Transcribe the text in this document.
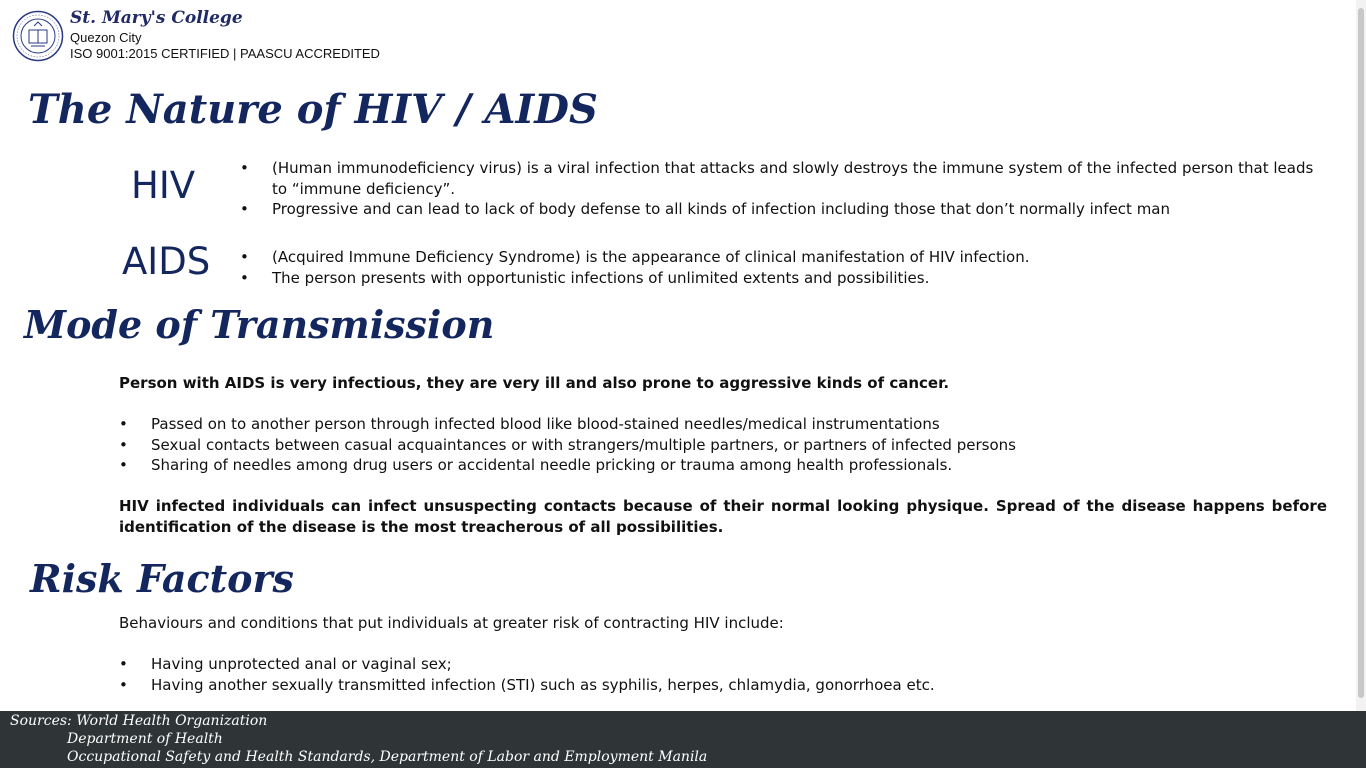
St. Mary's College
Quezon City
ISO 9001:2015 CERTIFIED | PAASCU ACCREDITED
The Nature of HIV / AIDS
HIV	• (Human immunodeficiency virus) is a viral infection that attacks and slowly destroys the immune system of the infected person that leads to “immune deficiency”.
• Progressive and can lead to lack of body defense to all kinds of infection including those that don’t normally infect man
AIDS • (Acquired Immune Deficiency Syndrome) is the appearance of clinical manifestation of HIV infection.
• The person presents with opportunistic infections of unlimited extents and possibilities.
Mode of Transmission

Person with AIDS is very infectious, they are very ill and also prone to aggressive kinds of cancer.

• Passed on to another person through infected blood like blood-stained needles/medical instrumentations
• Sexual contacts between casual acquaintances or with strangers/multiple partners, or partners of infected persons
• Sharing of needles among drug users or accidental needle pricking or trauma among health professionals.

HIV infected individuals can infect unsuspecting contacts because of their normal looking physique. Spread of the disease happens before identification of the disease is the most treacherous of all possibilities.

Risk Factors

Behaviours and conditions that put individuals at greater risk of contracting HIV include:

• Having unprotected anal or vaginal sex;
• Having another sexually transmitted infection (STI) such as syphilis, herpes, chlamydia, gonorrhoea etc.
Sources: World Health Organization
Department of Health
Occupational Safety and Health Standards, Department of Labor and Employment Manila
